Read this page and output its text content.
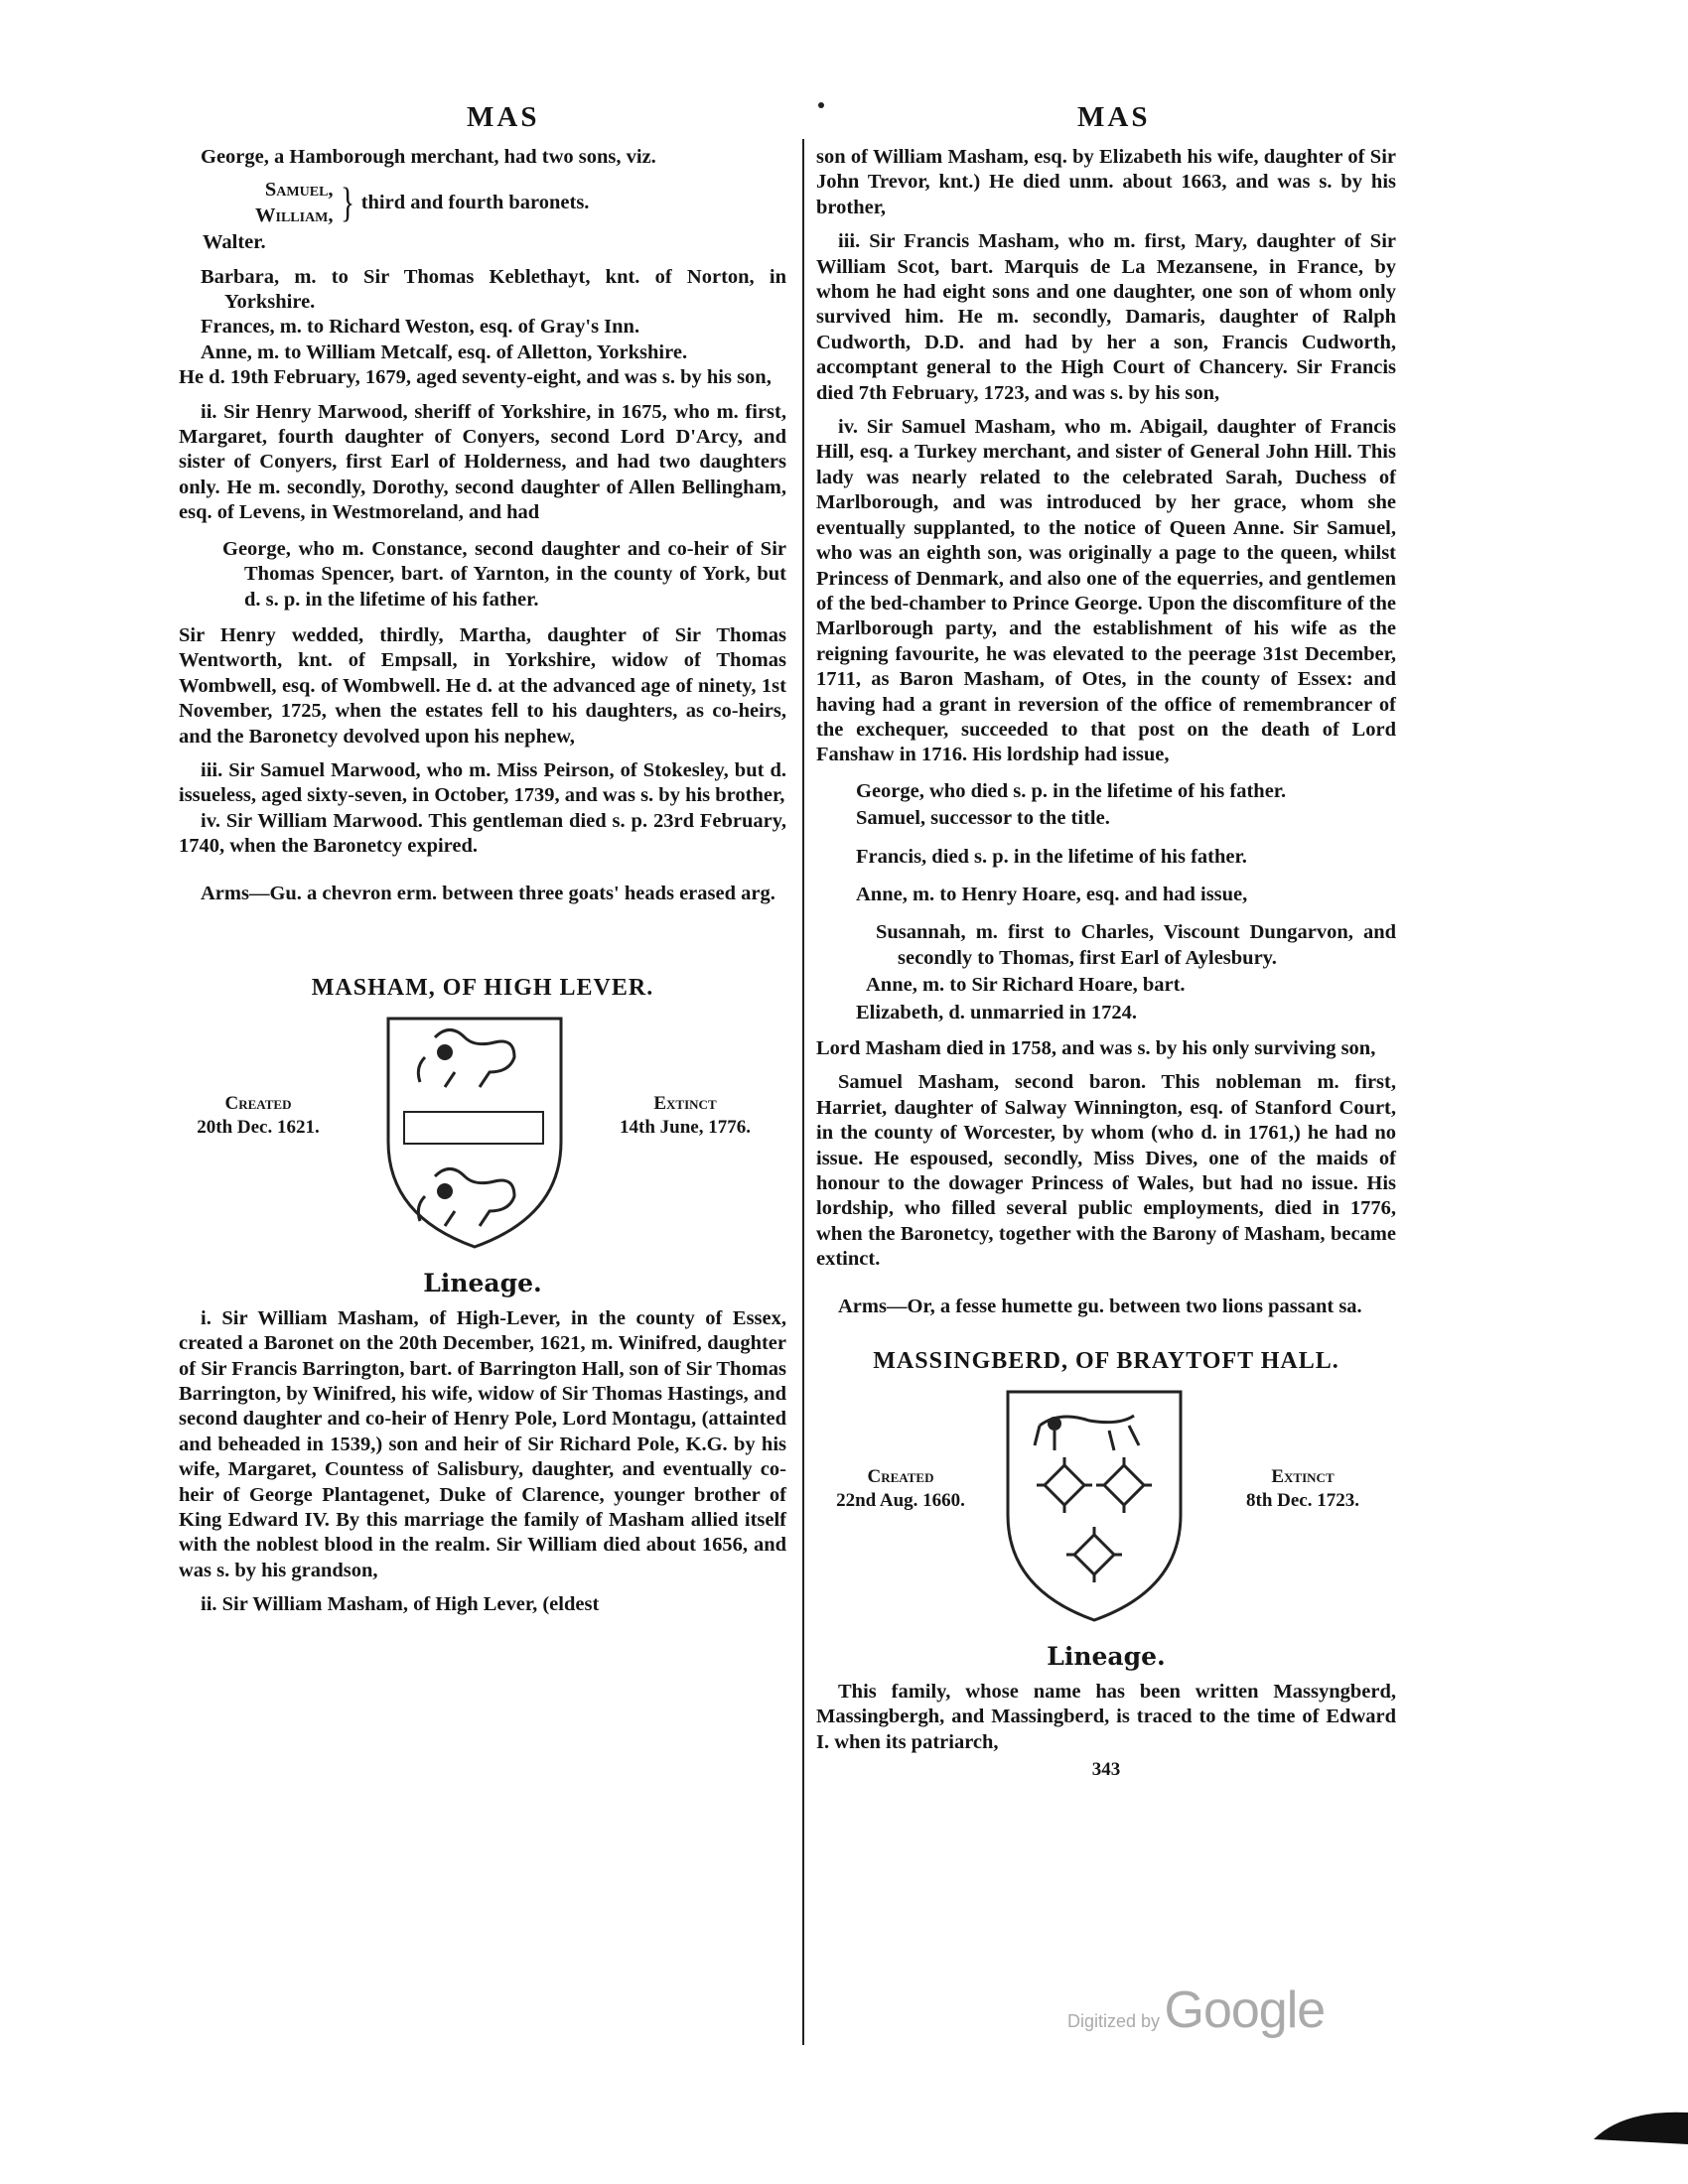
MAS	MAS

George, a Hamborough merchant, had two sons, viz.

Samuel,
William, } third and fourth baronets.

Walter.

Barbara, m. to Sir Thomas Keblethayt, knt. of Norton, in Yorkshire.

Frances, m. to Richard Weston, esq. of Gray's Inn.

Anne, m. to William Metcalf, esq. of Alletton, Yorkshire.

He d. 19th February, 1679, aged seventy-eight, and was s. by his son,

ii. Sir Henry Marwood, sheriff of Yorkshire, in 1675, who m. first, Margaret, fourth daughter of Conyers, second Lord D'Arcy, and sister of Conyers, first Earl of Holderness, and had two daughters only. He m. secondly, Dorothy, second daughter of Allen Bellingham, esq. of Levens, in Westmoreland, and had

George, who m. Constance, second daughter and co-heir of Sir Thomas Spencer, bart. of Yarnton, in the county of York, but d. s. p. in the lifetime of his father.

Sir Henry wedded, thirdly, Martha, daughter of Sir Thomas Wentworth, knt. of Empsall, in Yorkshire, widow of Thomas Wombwell, esq. of Wombwell. He d. at the advanced age of ninety, 1st November, 1725, when the estates fell to his daughters, as co-heirs, and the Baronetcy devolved upon his nephew,

iii. Sir Samuel Marwood, who m. Miss Peirson, of Stokesley, but d. issueless, aged sixty-seven, in October, 1739, and was s. by his brother,

iv. Sir William Marwood. This gentleman died s. p. 23rd February, 1740, when the Baronetcy expired.

Arms—Gu. a chevron erm. between three goats' heads erased arg.

MASHAM, OF HIGH LEVER.

Created
20th Dec. 1621.
Extinct
14th June, 1776.

Lineage.

i. Sir William Masham, of High-Lever, in the county of Essex, created a Baronet on the 20th December, 1621, m. Winifred, daughter of Sir Francis Barrington, bart. of Barrington Hall, son of Sir Thomas Barrington, by Winifred, his wife, widow of Sir Thomas Hastings, and second daughter and co-heir of Henry Pole, Lord Montagu, (attainted and beheaded in 1539,) son and heir of Sir Richard Pole, K.G. by his wife, Margaret, Countess of Salisbury, daughter, and eventually co-heir of George Plantagenet, Duke of Clarence, younger brother of King Edward IV. By this marriage the family of Masham allied itself with the noblest blood in the realm. Sir William died about 1656, and was s. by his grandson,

ii. Sir William Masham, of High Lever, (eldest

son of William Masham, esq. by Elizabeth his wife, daughter of Sir John Trevor, knt.) He died unm. about 1663, and was s. by his brother,

iii. Sir Francis Masham, who m. first, Mary, daughter of Sir William Scot, bart. Marquis de La Mezansene, in France, by whom he had eight sons and one daughter, one son of whom only survived him. He m. secondly, Damaris, daughter of Ralph Cudworth, D.D. and had by her a son, Francis Cudworth, accomptant general to the High Court of Chancery. Sir Francis died 7th February, 1723, and was s. by his son,

iv. Sir Samuel Masham, who m. Abigail, daughter of Francis Hill, esq. a Turkey merchant, and sister of General John Hill. This lady was nearly related to the celebrated Sarah, Duchess of Marlborough, and was introduced by her grace, whom she eventually supplanted, to the notice of Queen Anne. Sir Samuel, who was an eighth son, was originally a page to the queen, whilst Princess of Denmark, and also one of the equerries, and gentlemen of the bed-chamber to Prince George. Upon the discomfiture of the Marlborough party, and the establishment of his wife as the reigning favourite, he was elevated to the peerage 31st December, 1711, as Baron Masham, of Otes, in the county of Essex: and having had a grant in reversion of the office of remembrancer of the exchequer, succeeded to that post on the death of Lord Fanshaw in 1716. His lordship had issue,

George, who died s. p. in the lifetime of his father.

Samuel, successor to the title.

Francis, died s. p. in the lifetime of his father.

Anne, m. to Henry Hoare, esq. and had issue,

Susannah, m. first to Charles, Viscount Dungarvon, and secondly to Thomas, first Earl of Aylesbury.

Anne, m. to Sir Richard Hoare, bart.

Elizabeth, d. unmarried in 1724.

Lord Masham died in 1758, and was s. by his only surviving son,

Samuel Masham, second baron. This nobleman m. first, Harriet, daughter of Salway Winnington, esq. of Stanford Court, in the county of Worcester, by whom (who d. in 1761,) he had no issue. He espoused, secondly, Miss Dives, one of the maids of honour to the dowager Princess of Wales, but had no issue. His lordship, who filled several public employments, died in 1776, when the Baronetcy, together with the Barony of Masham, became extinct.

Arms—Or, a fesse humette gu. between two lions passant sa.

MASSINGBERD, OF BRAYTOFT HALL.

Created
22nd Aug. 1660.
Extinct
8th Dec. 1723.

Lineage.

This family, whose name has been written Massyngberd, Massingbergh, and Massingberd, is traced to the time of Edward I. when its patriarch,

343
Digitized by Google
